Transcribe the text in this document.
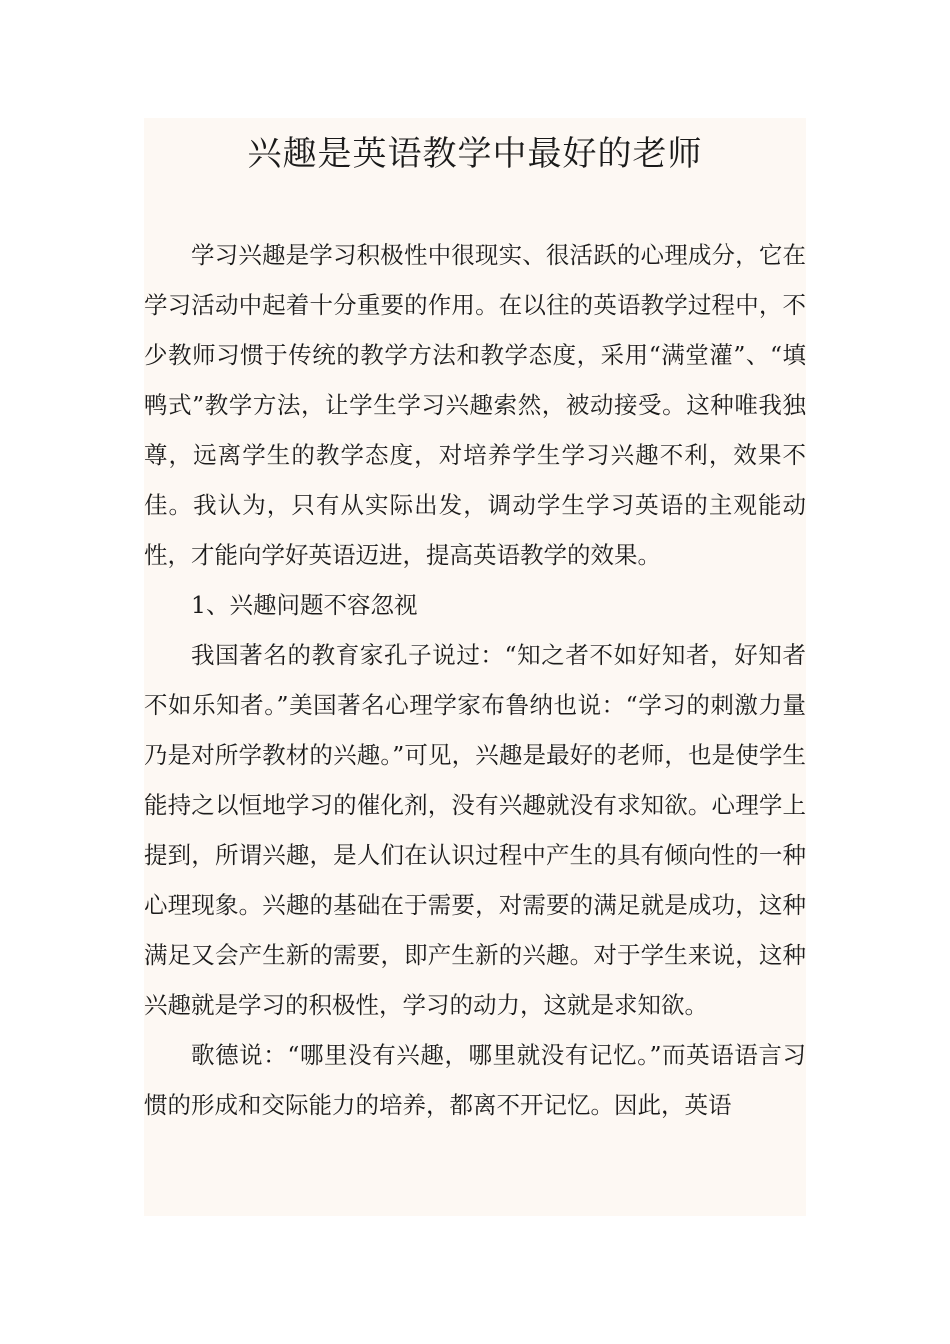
兴趣是英语教学中最好的老师

学习兴趣是学习积极性中很现实、很活跃的心理成分，它在学习活动中起着十分重要的作用。在以往的英语教学过程中，不少教师习惯于传统的教学方法和教学态度，采用“满堂灌”、“填鸭式”教学方法，让学生学习兴趣索然，被动接受。这种唯我独尊，远离学生的教学态度，对培养学生学习兴趣不利，效果不佳。我认为，只有从实际出发，调动学生学习英语的主观能动性，才能向学好英语迈进，提高英语教学的效果。

1、兴趣问题不容忽视

我国著名的教育家孔子说过：“知之者不如好知者，好知者不如乐知者。”美国著名心理学家布鲁纳也说：“学习的刺激力量乃是对所学教材的兴趣。”可见，兴趣是最好的老师，也是使学生能持之以恒地学习的催化剂，没有兴趣就没有求知欲。心理学上提到，所谓兴趣，是人们在认识过程中产生的具有倾向性的一种心理现象。兴趣的基础在于需要，对需要的满足就是成功，这种满足又会产生新的需要，即产生新的兴趣。对于学生来说，这种兴趣就是学习的积极性，学习的动力，这就是求知欲。

歌德说：“哪里没有兴趣，哪里就没有记忆。”而英语语言习惯的形成和交际能力的培养，都离不开记忆。因此，英语
